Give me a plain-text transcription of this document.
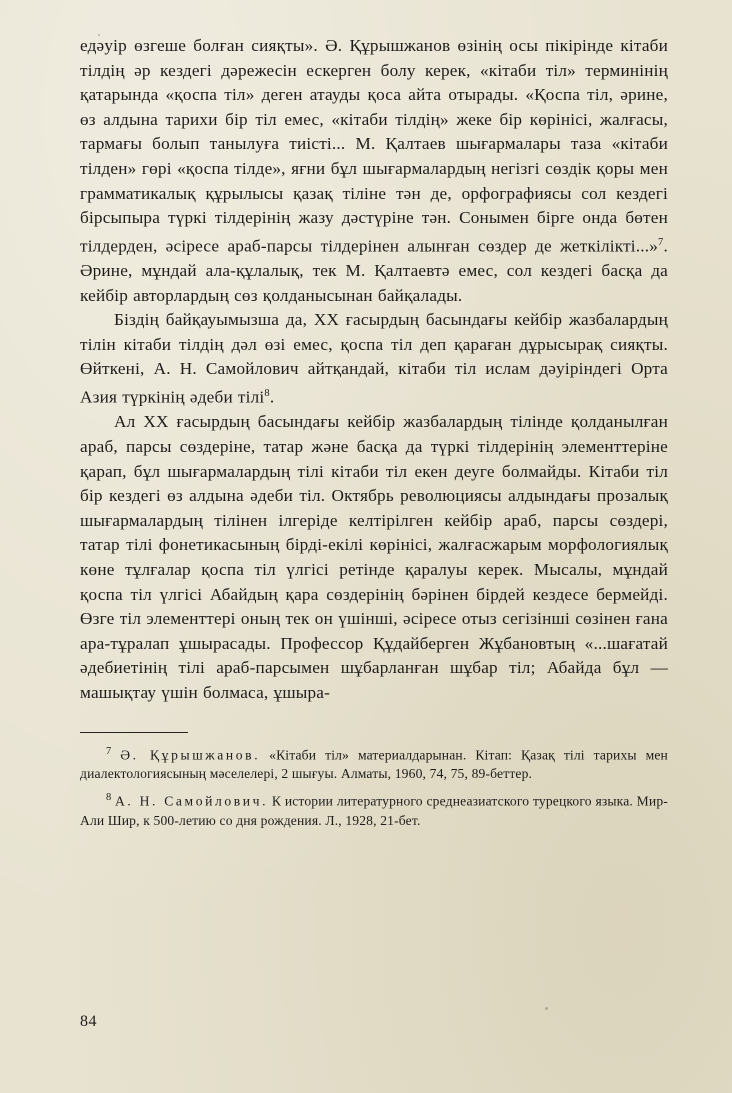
едәуір өзгеше болған сияқты». Ә. Құрышжанов өзінің осы пікірінде кітаби тілдің әр кездегі дәрежесін ескерген болу керек, «кітаби тіл» терминінің қатарында «қоспа тіл» деген атауды қоса айта отырады. «Қоспа тіл, әрине, өз алдына тарихи бір тіл емес, «кітаби тілдің» жеке бір көрінісі, жалғасы, тармағы болып танылуға тиісті... М. Қалтаев шығармалары таза «кітаби тілден» гөрі «қоспа тілде», яғни бұл шығармалардың негізгі сөздік қоры мен грамматикалық құрылысы қазақ тіліне тән де, орфографиясы сол кездегі бірсыпыра түркі тілдерінің жазу дәстүріне тән. Сонымен бірге онда бөтен тілдерден, әсіресе араб-парсы тілдерінен алынған сөздер де жеткілікті...»$^7$. Әрине, мұндай ала-құлалық, тек М. Қалтаевтә емес, сол кездегі басқа да кейбір авторлардың сөз қолданысынан байқалады.

Біздің байқауымызша да, XX ғасырдың басындағы кейбір жазбалардың тілін кітаби тілдің дәл өзі емес, қоспа тіл деп қараған дұрысырақ сияқты. Өйткені, А. Н. Самойлович айтқандай, кітаби тіл ислам дәуіріндегі Орта Азия түркінің әдеби тілі$^8$.

Ал XX ғасырдың басындағы кейбір жазбалардың тілінде қолданылған араб, парсы сөздеріне, татар және басқа да түркі тілдерінің элементтеріне қарап, бұл шығармалардың тілі кітаби тіл екен деуге болмайды. Кітаби тіл бір кездегі өз алдына әдеби тіл. Октябрь революциясы алдындағы прозалық шығармалардың тілінен ілгеріде келтірілген кейбір араб, парсы сөздері, татар тілі фонетикасының бірді-екілі көрінісі, жалғасжарым морфологиялық көне тұлғалар қоспа тіл үлгісі ретінде қаралуы керек. Мысалы, мұндай қоспа тіл үлгісі Абайдың қара сөздерінің бәрінен бірдей кездесе бермейді. Өзге тіл элементтері оның тек он үшінші, әсіресе отыз сегізінші сөзінен ғана ара-тұралап ұшырасады. Профессор Құдайберген Жұбановтың «...шағатай әдебиетінің тілі араб-парсымен шұбарланған шұбар тіл; Абайда бұл — машықтау үшін болмаса, ұшыра-

$^7$ Ә. Құрышжанов. «Кітаби тіл» материалдарынан. Кітап: Қазақ тілі тарихы мен диалектологиясының мәселелері, 2 шығуы. Алматы, 1960, 74, 75, 89-беттер.

$^8$ А. Н. Самойлович. К истории литературного среднеазиатского турецкого языка. Мир-Али Шир, к 500-летию со дня рождения. Л., 1928, 21-бет.

84
